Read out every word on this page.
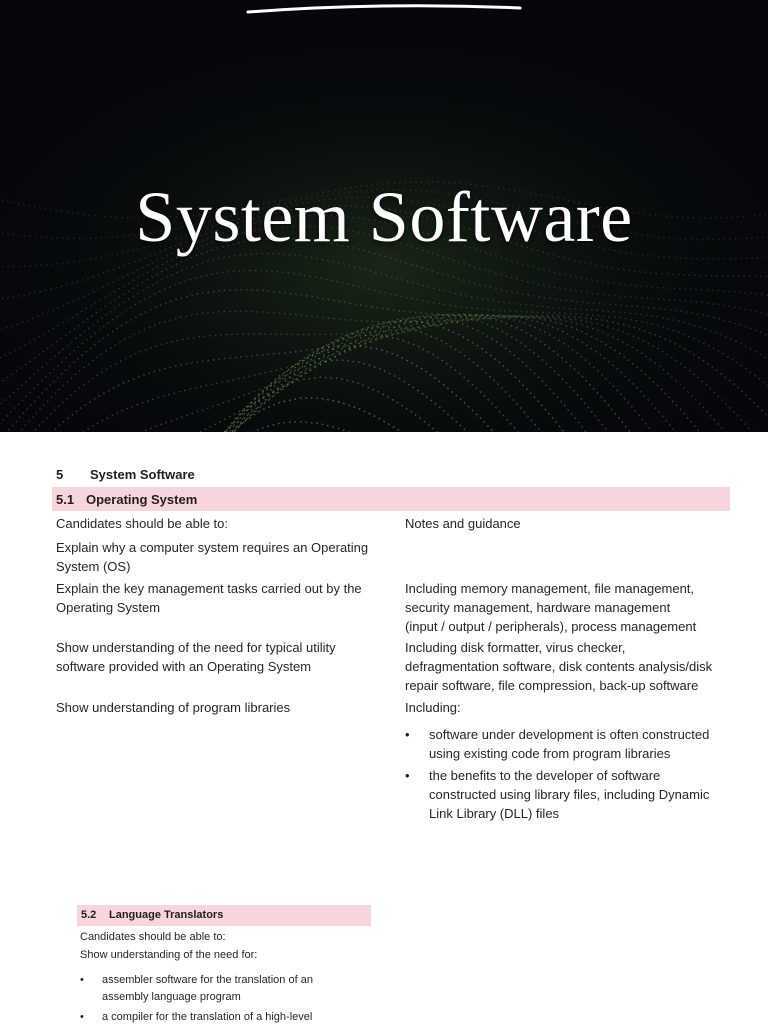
System Software
5 System Software
5.1 Operating System
Candidates should be able to:	Notes and guidance
Explain why a computer system requires an Operating
System (OS)
Explain the key management tasks carried out by the
Operating System
Including memory management, file management,
security management, hardware management
(input / output / peripherals), process management
Show understanding of the need for typical utility
software provided with an Operating System
Including disk formatter, virus checker,
defragmentation software, disk contents analysis/disk
repair software, file compression, back-up software
Show understanding of program libraries	Including:
• software under development is often constructed
using existing code from program libraries
• the benefits to the developer of software
constructed using library files, including Dynamic
Link Library (DLL) files
5.2 Language Translators
Candidates should be able to:
Show understanding of the need for:
• assembler software for the translation of an
assembly language program
• a compiler for the translation of a high-level
